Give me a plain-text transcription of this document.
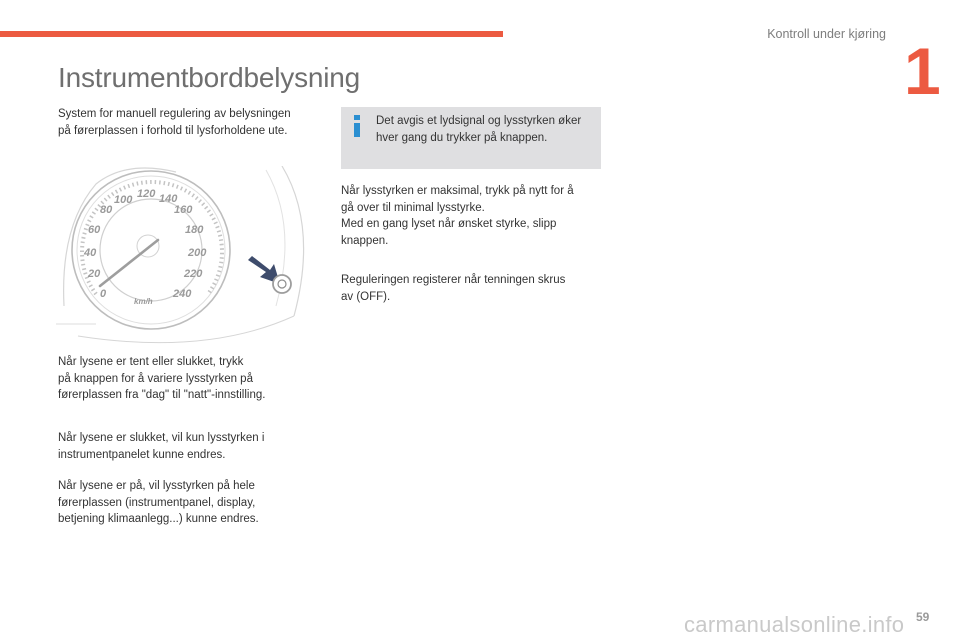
Kontroll under kjøring 1
Instrumentbordbelysning

System for manuell regulering av belysningen
på førerplassen i forhold til lysforholdene ute.

Det avgis et lydsignal og lysstyrken øker
hver gang du trykker på knappen.

0
20
40
60
80
100 120 140
160
180
200
220
240
km/h

Når lysene er tent eller slukket, trykk
på knappen for å variere lysstyrken på
førerplassen fra "dag" til "natt"-innstilling.

Når lysene er slukket, vil kun lysstyrken i
instrumentpanelet kunne endres.

Når lysene er på, vil lysstyrken på hele
førerplassen (instrumentpanel, display,
betjening klimaanlegg...) kunne endres.

Når lysstyrken er maksimal, trykk på nytt for å
gå over til minimal lysstyrke.
Med en gang lyset når ønsket styrke, slipp
knappen.

Reguleringen registerer når tenningen skrus
av (OFF).

carmanualsonline.info 59
